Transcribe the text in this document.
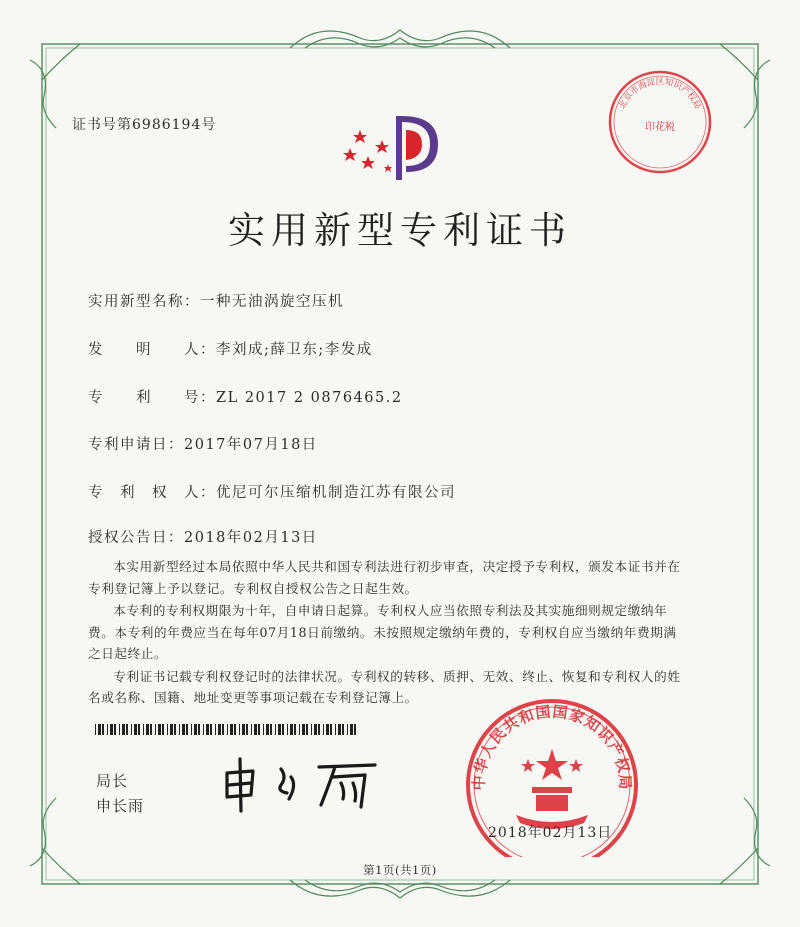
证书号第6986194号
实用新型专利证书
实用新型名称：一种无油涡旋空压机
发　　明　　人：李刘成;薛卫东;李发成
专　　利　　号：ZL 2017 2 0876465.2
专利申请日：2017年07月18日
专　利　权　人：优尼可尔压缩机制造江苏有限公司
授权公告日：2018年02月13日

本实用新型经过本局依照中华人民共和国专利法进行初步审查，决定授予专利权，颁发本证书并在专利登记簿上予以登记。专利权自授权公告之日起生效。

本专利的专利权期限为十年，自申请日起算。专利权人应当依照专利法及其实施细则规定缴纳年费。本专利的年费应当在每年07月18日前缴纳。未按照规定缴纳年费的，专利权自应当缴纳年费期满之日起终止。

专利证书记载专利权登记时的法律状况。专利权的转移、质押、无效、终止、恢复和专利权人的姓名或名称、国籍、地址变更等事项记载在专利登记簿上。

局长
申长雨
中华人民共和国国家知识产权局
北京市海淀区知识产权局
印花税
2018年02月13日
第1页(共1页)
